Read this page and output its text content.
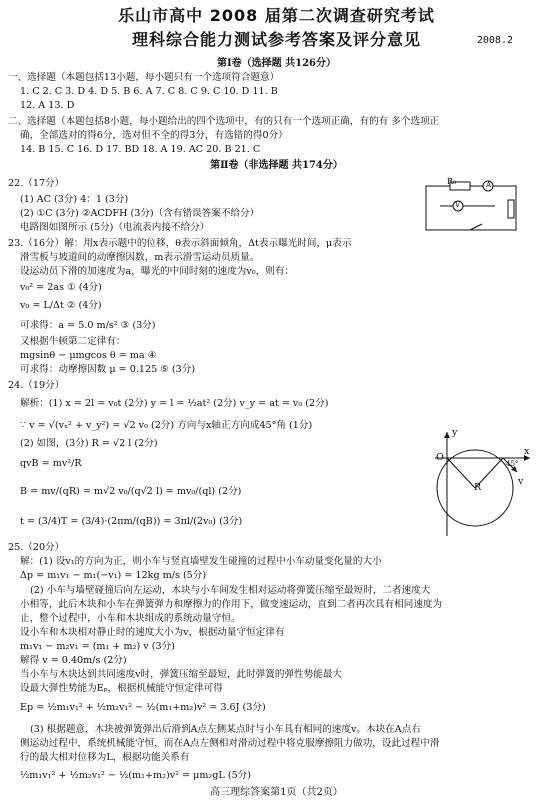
乐山市高中 2008 届第二次调查研究考试
理科综合能力测试参考答案及评分意见	2008.2
第Ⅰ卷（选择题 共126分）
一、选择题（本题包括13小题，每小题只有一个选项符合题意）
1. C 2. C 3. D 4. D 5. B 6. A 7. C 8. C 9. C 10. D 11. B
12. A 13. D
二、选择题（本题包括8小题，每小题给出的四个选项中，有的只有一个选项正确，有的有 多个选项正
确，全部选对的得6分，选对但不全的得3分，有选错的得0分）
14. B 15. C 16. D 17. BD 18. A 19. AC 20. B 21. C
第Ⅱ卷（非选择题 共174分）
22.（17分）
(1) AC (3分) 4：1 (3分)
(2) ①C (3分) ②ACDFH (3分)（含有错误答案不给分）
电路图如图所示 (5分)（电流表内接不给分）
R₀	A
V
23.（16分）解：用x表示题中的位移，θ表示斜面倾角，Δt表示曝光时间，μ表示
滑雪板与坡道间的动摩擦因数，m表示滑雪运动员质量。
设运动员下滑的加速度为a，曝光的中间时刻的速度为v₀，则有：
v₀² = 2as ① (4分)
v₀ = L/Δt ② (4分)
可求得：a = 5.0 m/s² ③ (3分)
又根据牛顿第二定律有：
mgsinθ − μmgcos θ = ma ④
可求得：动摩擦因数 μ = 0.125 ⑤ (3分)
24.（19分）
解析：(1) x = 2l = v₀t (2分) y = l = ½at² (2分) v_y = at = v₀ (2分)
∵ v = √(vₓ² + v_y²) = √2 v₀ (2分) 方向与x轴正方向成45°角 (1分)
(2) 如图，(3分) R = √2 l (2分)
qvB = mv²/R
B = mv/(qR) = m√2 v₀/(q√2 l) = mv₀/(ql) (2分)
t = (3/4)T = (3/4)·(2πm/(qB)) = 3πl/(2v₀) (3分)
y
x
O
R
v
45°
25.（20分）
解：(1) 设v₁的方向为正，则小车与竖直墙壁发生碰撞的过程中小车动量变化量的大小
Δp = m₁v₁ − m₁(−v₁) = 12kg m/s (5分)
(2) 小车与墙壁碰撞后向左运动，木块与小车间发生相对运动将弹簧压缩至最短时，二者速度大
小相等，此后木块和小车在弹簧弹力和摩擦力的作用下，做变速运动，直到二者再次具有相同速度为
止，整个过程中，小车和木块组成的系统动量守恒。
设小车和木块相对静止时的速度大小为v，根据动量守恒定律有
m₁v₁ − m₂v₁ = (m₁ + m₂) v (3分)
解得 v = 0.40m/s (2分)
当小车与木块达到共同速度v时，弹簧压缩至最短，此时弹簧的弹性势能最大
设最大弹性势能为Eₚ，根据机械能守恒定律可得
Ep = ½m₁v₁² + ½m₂v₁² − ½(m₁+m₂)v² = 3.6J (3分)
(3) 根据题意，木块被弹簧弹出后滑到A点左侧某点时与小车具有相同的速度v。木块在A点右
侧运动过程中，系统机械能守恒，而在A点左侧相对滑动过程中将克服摩擦阻力做功，设此过程中滑
行的最大相对位移为L，根据功能关系有
½m₁v₁² + ½m₂v₁² − ½(m₁+m₂)v² = μm₂gL (5分)
高三理综答案第1页（共2页）
